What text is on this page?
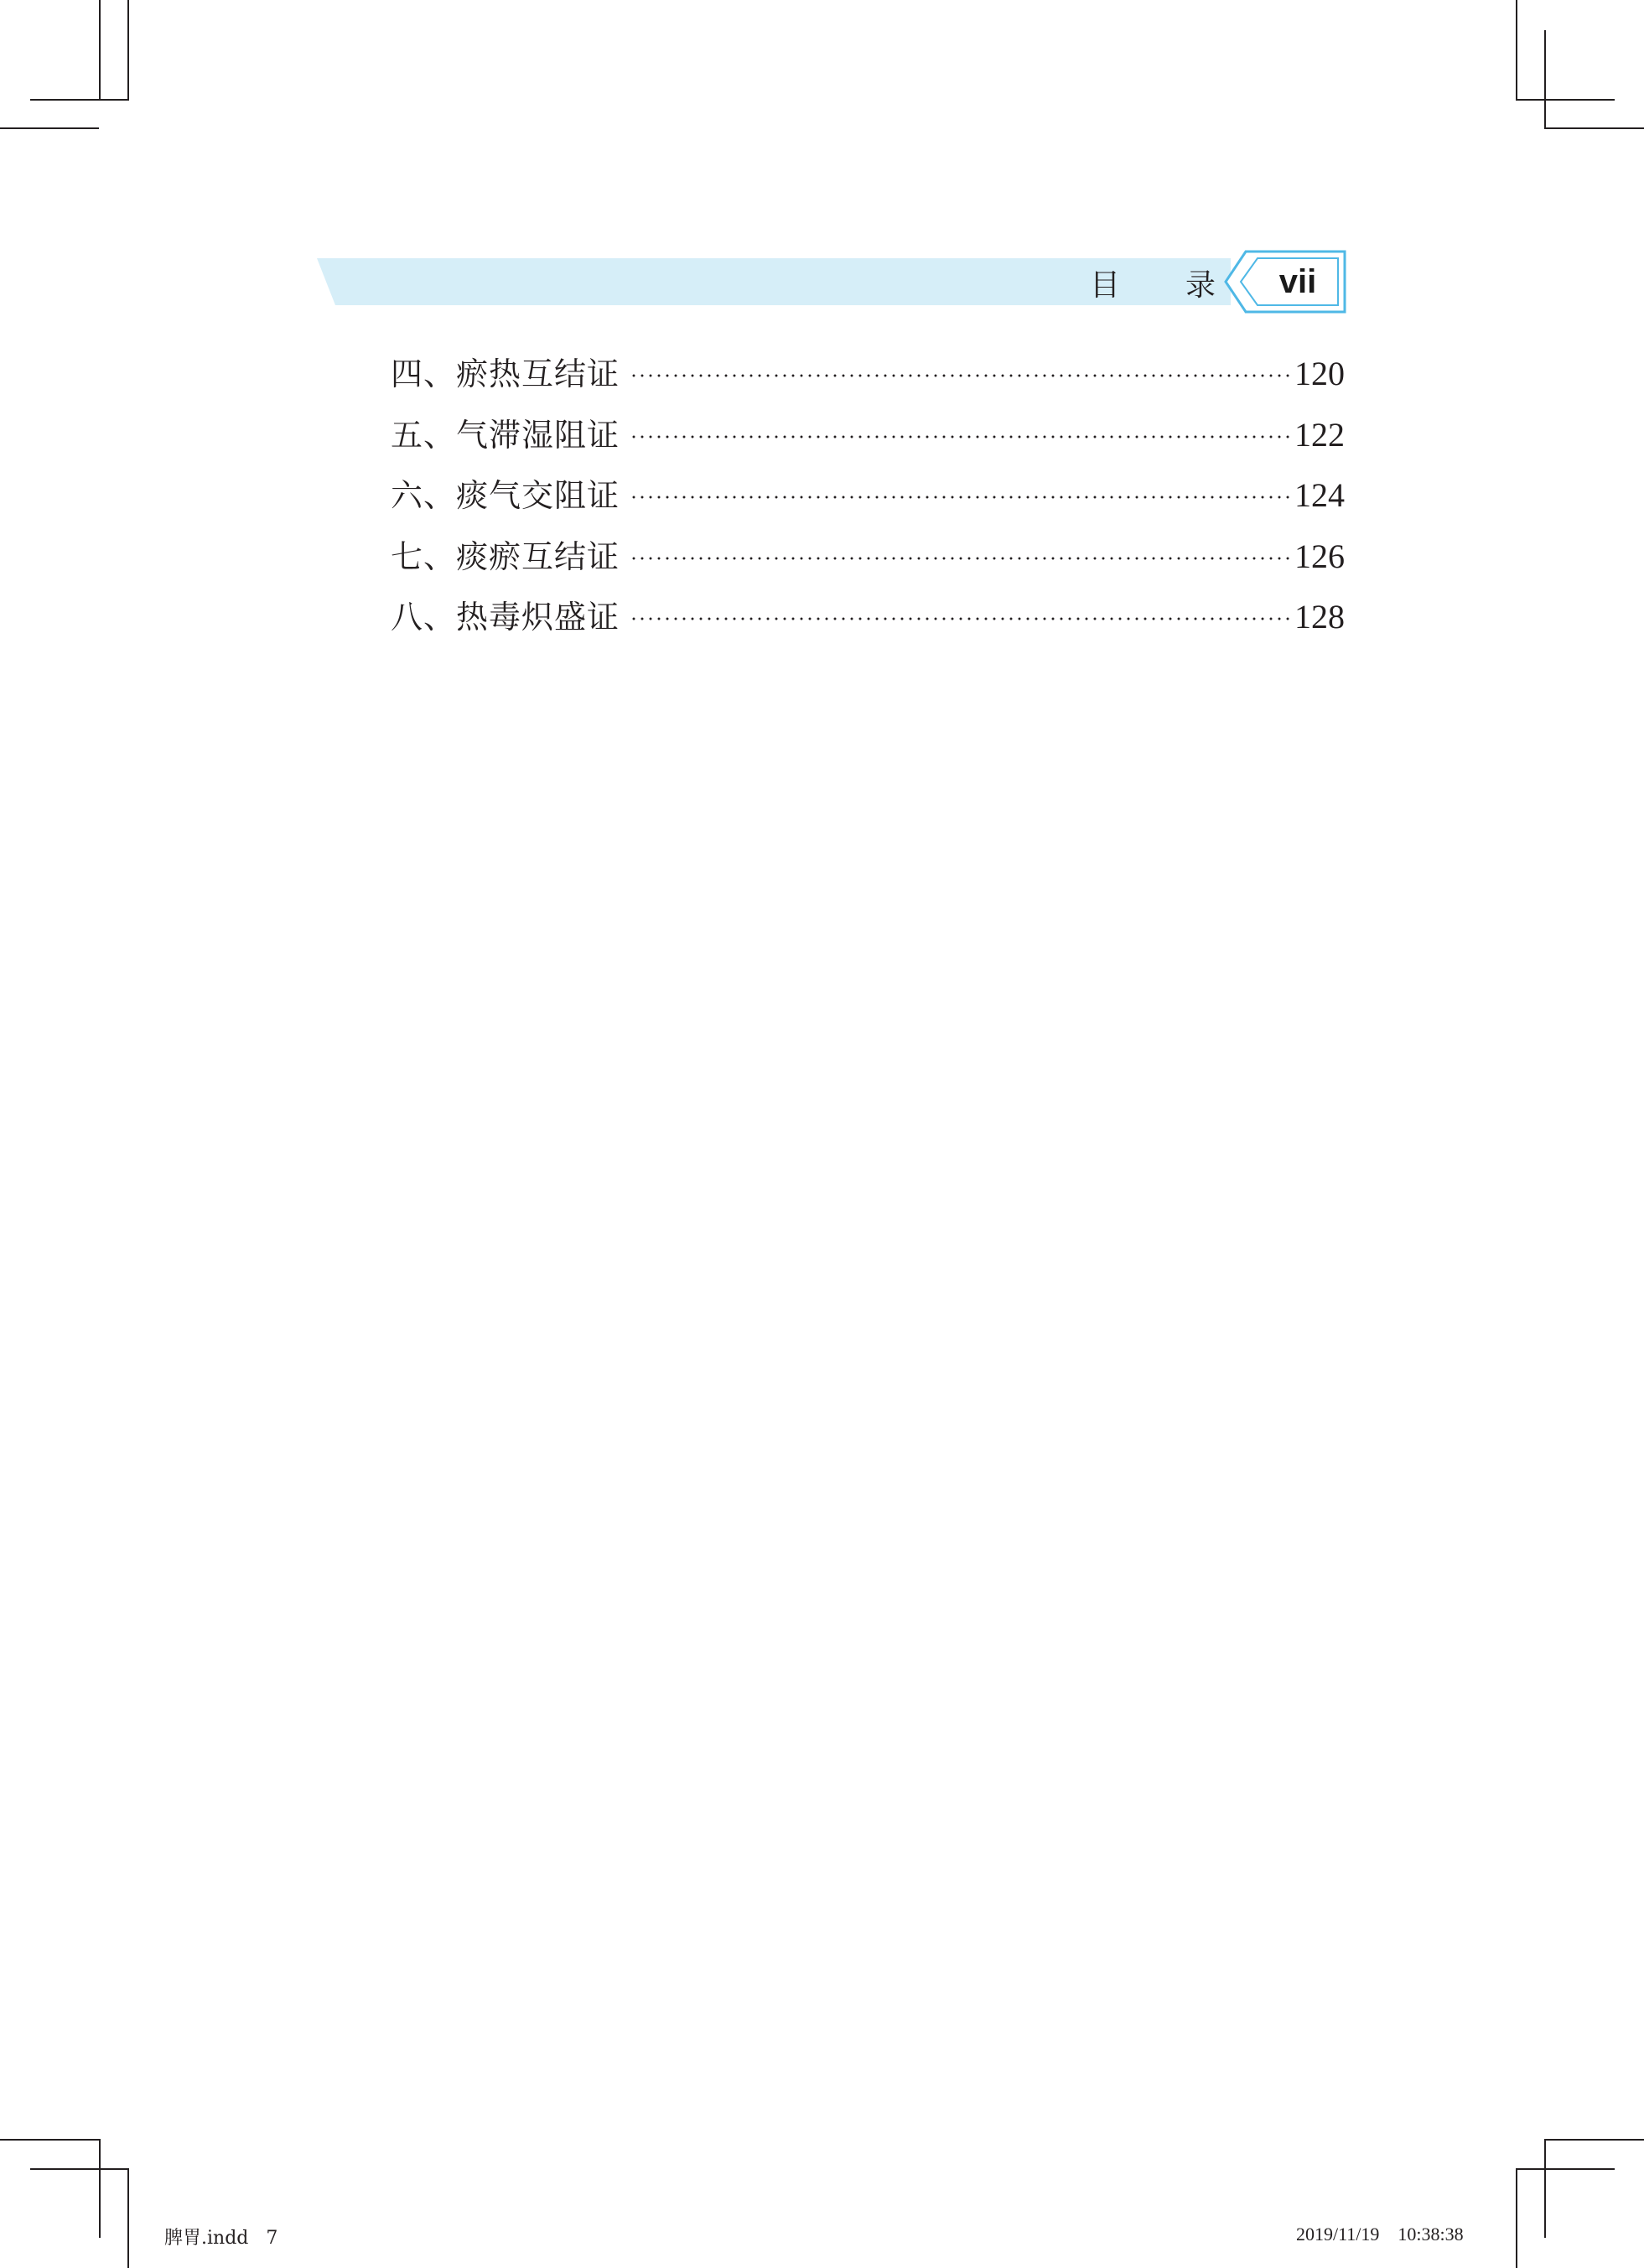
目 录	vii
四、瘀热互结证	120
五、气滞湿阻证	122
六、痰气交阻证	124
七、痰瘀互结证	126
八、热毒炽盛证	128
脾胃.indd   7	2019/11/19    10:38:38
